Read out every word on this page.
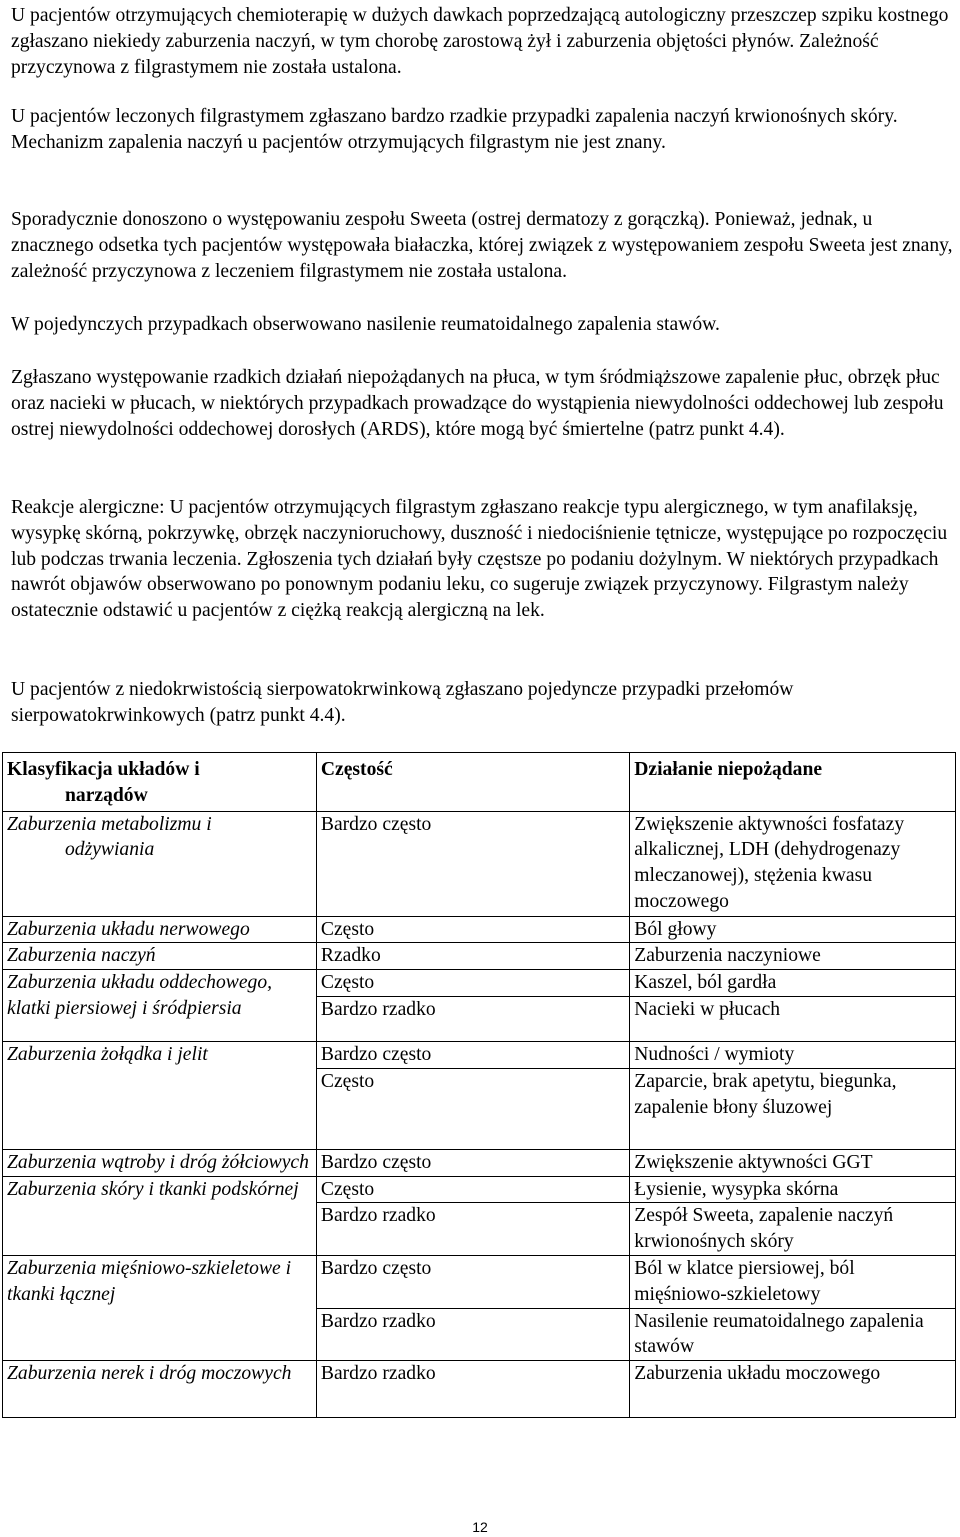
U pacjentów otrzymujących chemioterapię w dużych dawkach poprzedzającą autologiczny przeszczep szpiku kostnego zgłaszano niekiedy zaburzenia naczyń, w tym chorobę zarostową żył i zaburzenia objętości płynów. Zależność przyczynowa z filgrastymem nie została ustalona.

U pacjentów leczonych filgrastymem zgłaszano bardzo rzadkie przypadki zapalenia naczyń krwionośnych skóry. Mechanizm zapalenia naczyń u pacjentów otrzymujących filgrastym nie jest znany.

Sporadycznie donoszono o występowaniu zespołu Sweeta (ostrej dermatozy z gorączką). Ponieważ, jednak, u znacznego odsetka tych pacjentów występowała białaczka, której związek z występowaniem zespołu Sweeta jest znany, zależność przyczynowa z leczeniem filgrastymem nie została ustalona.

W pojedynczych przypadkach obserwowano nasilenie reumatoidalnego zapalenia stawów.

Zgłaszano występowanie rzadkich działań niepożądanych na płuca, w tym śródmiąższowe zapalenie płuc, obrzęk płuc oraz nacieki w płucach, w niektórych przypadkach prowadzące do wystąpienia niewydolności oddechowej lub zespołu ostrej niewydolności oddechowej dorosłych (ARDS), które mogą być śmiertelne (patrz punkt 4.4).

Reakcje alergiczne: U pacjentów otrzymujących filgrastym zgłaszano reakcje typu alergicznego, w tym anafilaksję, wysypkę skórną, pokrzywkę, obrzęk naczynioruchowy, duszność i niedociśnienie tętnicze, występujące po rozpoczęciu lub podczas trwania leczenia. Zgłoszenia tych działań były częstsze po podaniu dożylnym. W niektórych przypadkach nawrót objawów obserwowano po ponownym podaniu leku, co sugeruje związek przyczynowy. Filgrastym należy ostatecznie odstawić u pacjentów z ciężką reakcją alergiczną na lek.

U pacjentów z niedokrwistością sierpowatokrwinkową zgłaszano pojedyncze przypadki przełomów sierpowatokrwinkowych (patrz punkt 4.4).

Klasyfikacja układów i
narządów	Częstość	Działanie niepożądane
Zaburzenia metabolizmu i
odżywiania	Bardzo często	Zwiększenie aktywności fosfatazy alkalicznej, LDH (dehydrogenazy mleczanowej), stężenia kwasu moczowego
Zaburzenia układu nerwowego	Często	Ból głowy
Zaburzenia naczyń	Rzadko	Zaburzenia naczyniowe
Zaburzenia układu oddechowego, klatki piersiowej i śródpiersia	Często	Kaszel, ból gardła
	Bardzo rzadko	Nacieki w płucach
Zaburzenia żołądka i jelit	Bardzo często	Nudności / wymioty
	Często	Zaparcie, brak apetytu, biegunka, zapalenie błony śluzowej
Zaburzenia wątroby i dróg żółciowych	Bardzo często	Zwiększenie aktywności GGT
Zaburzenia skóry i tkanki podskórnej	Często	Łysienie, wysypka skórna
	Bardzo rzadko	Zespół Sweeta, zapalenie naczyń krwionośnych skóry
Zaburzenia mięśniowo-szkieletowe i tkanki łącznej	Bardzo często	Ból w klatce piersiowej, ból mięśniowo-szkieletowy
	Bardzo rzadko	Nasilenie reumatoidalnego zapalenia stawów
Zaburzenia nerek i dróg moczowych	Bardzo rzadko	Zaburzenia układu moczowego
12
